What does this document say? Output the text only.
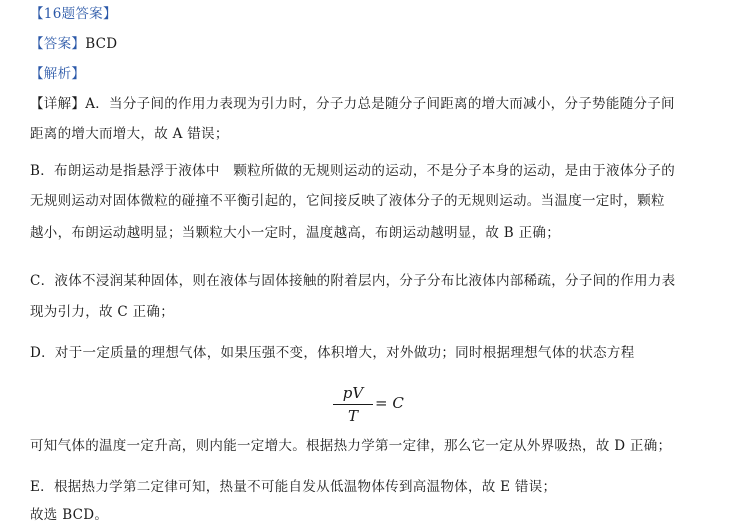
【16题答案】
【答案】BCD
【解析】
【详解】A．当分子间的作用力表现为引力时，分子力总是随分子间距离的增大而减小，分子势能随分子间
距离的增大而增大，故 A 错误；
B．布朗运动是指悬浮于液体中　颗粒所做的无规则运动的运动，不是分子本身的运动，是由于液体分子的
无规则运动对固体微粒的碰撞不平衡引起的，它间接反映了液体分子的无规则运动。当温度一定时，颗粒
越小，布朗运动越明显；当颗粒大小一定时，温度越高，布朗运动越明显，故 B 正确；
C．液体不浸润某种固体，则在液体与固体接触的附着层内，分子分布比液体内部稀疏，分子间的作用力表
现为引力，故 C 正确；
D．对于一定质量的理想气体，如果压强不变，体积增大，对外做功；同时根据理想气体的状态方程
pV
T
= C
可知气体的温度一定升高，则内能一定增大。根据热力学第一定律，那么它一定从外界吸热，故 D 正确；
E．根据热力学第二定律可知，热量不可能自发从低温物体传到高温物体，故 E 错误；
故选 BCD。
